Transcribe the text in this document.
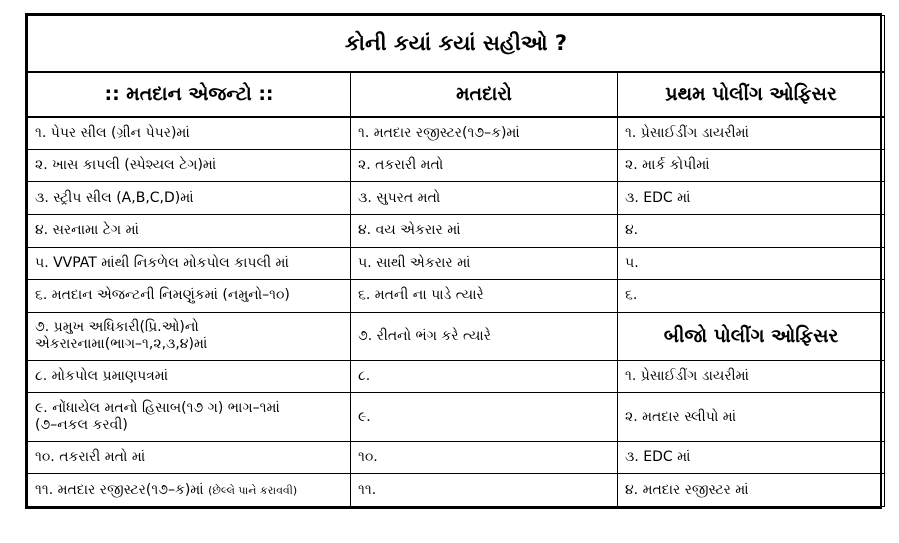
કોની કયાં કયાં સહીઓ ?		
:: મતદાન એજન્ટો ::	મતદારો	પ્રથમ પોલીંગ ઓફિસર
૧. પેપર સીલ (ગ્રીન પેપર)માં	૧. મતદાર રજીસ્ટર(૧૭–ક)માં	૧. પ્રેસાઈડીંગ ડાયરીમાં
૨. ખાસ કાપલી (સ્પેશ્યલ ટેગ)માં	૨. તકરારી મતો	૨. માર્ક કોપીમાં
૩. સ્ટ્રીપ સીલ (A,B,C,D)માં	૩. સુપરત મતો	૩. EDC માં
૪. સરનામા ટેગ માં	૪. વય એકરાર માં	૪.
૫. VVPAT માંથી નિકળેલ મોકપોલ કાપલી માં	૫. સાથી એકરાર માં	૫.
૬. મતદાન એજન્ટની નિમણુંકમાં (નમુનો–૧૦)	૬. મતની ના પાડે ત્યારે	૬.

૭. પ્રમુખ અધિકારી(પ્રિ.ઓ)નો
એકરારનામા(ભાગ–૧,૨,૩,૪)માં	૭. રીતનો ભંગ કરે ત્યારે	બીજો પોલીંગ ઓફિસર
૮. મોકપોલ પ્રમાણપત્રમાં	૮.	૧. પ્રેસાઈડીંગ ડાયરીમાં

૯. નોંધાયેલ મતનો હિસાબ(૧૭ ગ) ભાગ–૧માં
(૭–નકલ કરવી)	૯.	૨. મતદાર સ્લીપો માં
૧૦. તકરારી મતો માં	૧૦.	૩. EDC માં
૧૧. મતદાર રજીસ્ટર(૧૭–ક)માં (છેલ્લે પાને કરાવવી)	૧૧.	૪. મતદાર રજીસ્ટર માં
